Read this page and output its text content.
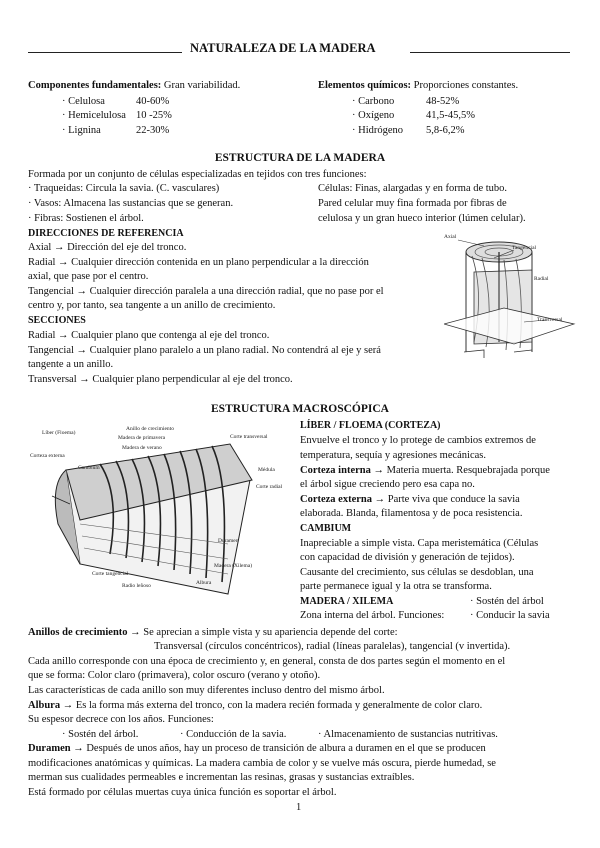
NATURALEZA DE LA MADERA
Componentes fundamentales: Gran variabilidad.
· Celulosa	40-60%
· Hemicelulosa 10 -25%
· Lignina	22-30%
Elementos químicos: Proporciones constantes.
· Carbono	48-52%
· Oxígeno	41,5-45,5%
· Hidrógeno 5,8-6,2%
ESTRUCTURA DE LA MADERA
Formada por un conjunto de células especializadas en tejidos con tres funciones:
· Traqueidas: Circula la savia. (C. vasculares)
· Vasos: Almacena las sustancias que se generan.
· Fibras: Sostienen el árbol.
Células: Finas, alargadas y en forma de tubo.
Pared celular muy fina formada por fibras de
celulosa y un gran hueco interior (lúmen celular).
DIRECCIONES DE REFERENCIA
Axial → Dirección del eje del tronco.
Radial → Cualquier dirección contenida en un plano perpendicular a la dirección
axial, que pase por el centro.
Tangencial → Cualquier dirección paralela a una dirección radial, que no pase por el
centro y, por tanto, sea tangente a un anillo de crecimiento.
SECCIONES
Radial → Cualquier plano que contenga al eje del tronco.
Tangencial → Cualquier plano paralelo a un plano radial. No contendrá al eje y será
tangente a un anillo.
Transversal → Cualquier plano perpendicular al eje del tronco.
Axial
Tangencial
Radial
Transversal
ESTRUCTURA MACROSCÓPICA
Líber (Floema)
Corteza externa
Anillo de crecimiento
Madera de primavera
Madera de verano
Corte transversal
Cambium	Médula
Corte radial
Duramen
Madera (Xilema)
Corte tangencial
Radio leñoso	Albura
LÍBER / FLOEMA (CORTEZA)
Envuelve el tronco y lo protege de cambios extremos de
temperatura, sequía y agresiones mecánicas.
Corteza interna → Materia muerta. Resquebrajada porque
el árbol sigue creciendo pero esa capa no.
Corteza externa → Parte viva que conduce la savia
elaborada. Blanda, filamentosa y de poca resistencia.
CAMBIUM
Inapreciable a simple vista. Capa meristemática (Células
con capacidad de división y generación de tejidos).
Causante del crecimiento, sus células se desdoblan, una
parte permanece igual y la otra se transforma.
MADERA / XILEMA	· Sostén del árbol
Zona interna del árbol. Funciones: · Conducir la savia
Anillos de crecimiento → Se aprecian a simple vista y su apariencia depende del corte:
Transversal (círculos concéntricos), radial (líneas paralelas), tangencial (v invertida).
Cada anillo corresponde con una época de crecimiento y, en general, consta de dos partes según el momento en el
que se forma: Color claro (primavera), color oscuro (verano y otoño).
Las características de cada anillo son muy diferentes incluso dentro del mismo árbol.
Albura → Es la forma más externa del tronco, con la madera recién formada y generalmente de color claro.
Su espesor decrece con los años. Funciones:
· Sostén del árbol.	· Conducción de la savia.	· Almacenamiento de sustancias nutritivas.
Duramen → Después de unos años, hay un proceso de transición de albura a duramen en el que se producen
modificaciones anatómicas y químicas. La madera cambia de color y se vuelve más oscura, pierde humedad, se
merman sus cualidades permeables e incrementan las resinas, grasas y sustancias extraíbles.
Está formado por células muertas cuya única función es soportar el árbol.
1
